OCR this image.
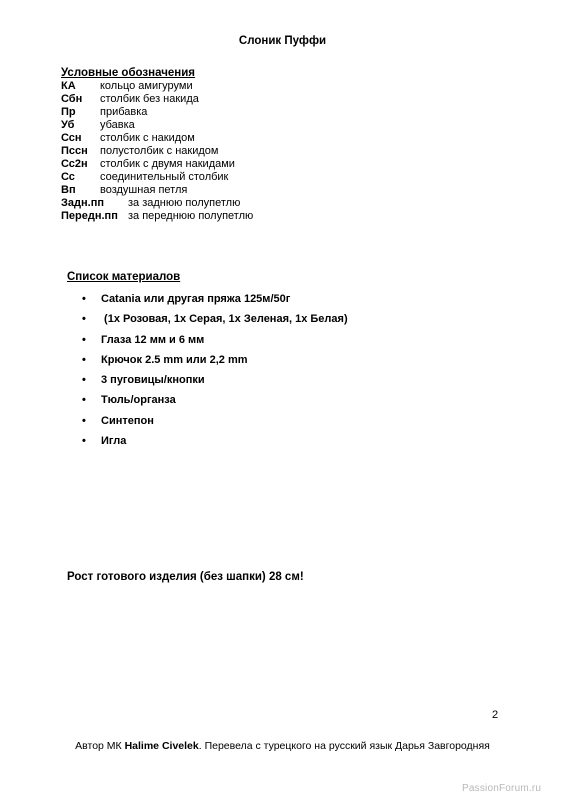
Слоник Пуффи
Условные обозначения
КА кольцо амигуруми
Сбн столбик без накида
Пр прибавка
Уб убавка
Ссн столбик с накидом
Пссн полустолбик с накидом
Сс2н столбик с двумя накидами
Сс соединительный столбик
Вп воздушная петля
Задн.пп за заднюю полупетлю
Передн.пп за переднюю полупетлю
Список материалов
• Catania или другая пряжа 125м/50г
• (1х Розовая, 1х Серая, 1х Зеленая, 1х Белая)
• Глаза 12 мм и 6 мм
• Крючок 2.5 mm или 2,2 mm
• 3 пуговицы/кнопки
• Тюль/органза
• Синтепон
• Игла
Рост готового изделия (без шапки) 28 см!
2
Автор МК Halime Civelek. Перевела с турецкого на русский язык Дарья Завгородняя
PassionForum.ru
